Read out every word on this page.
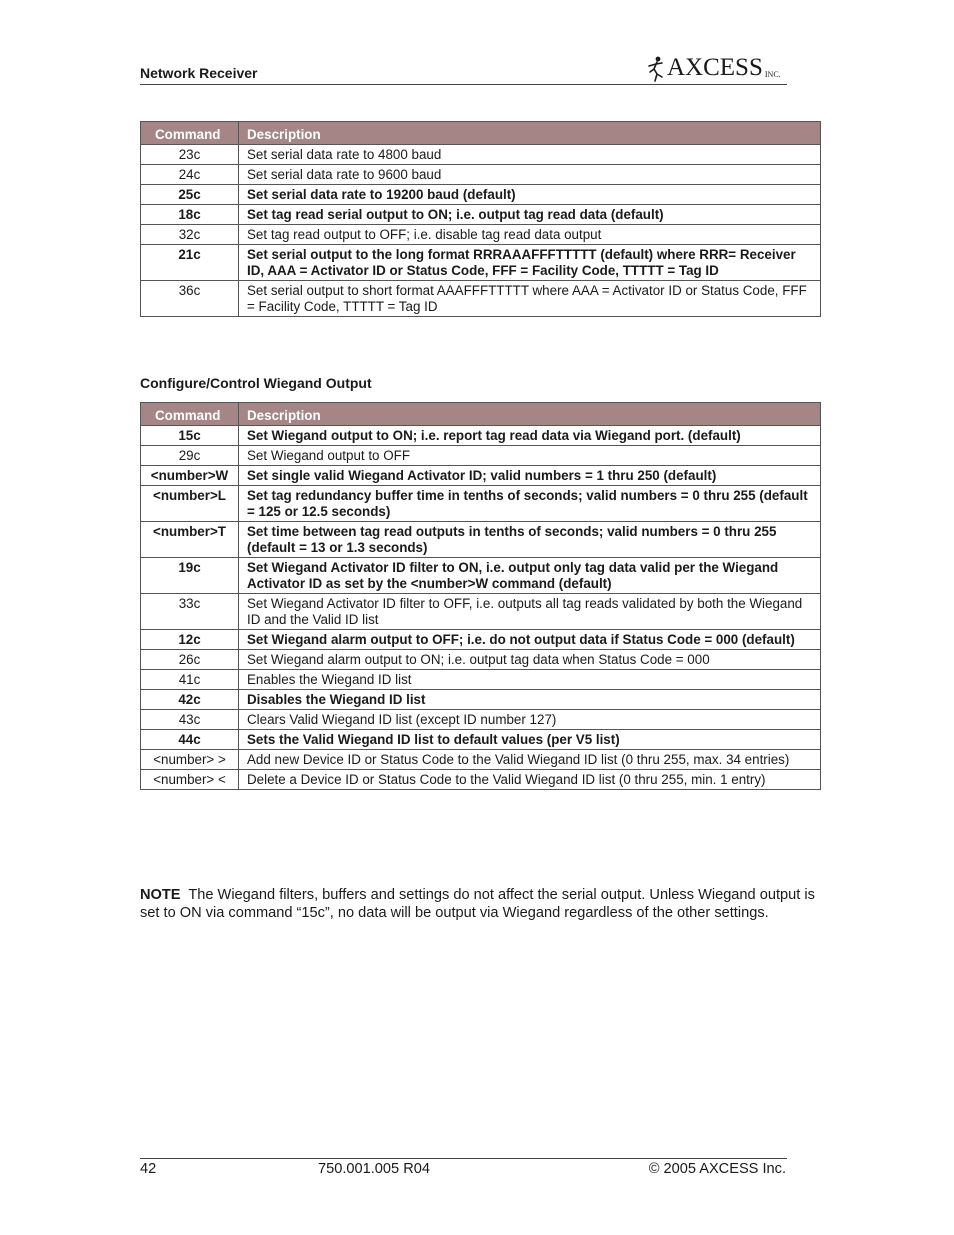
Network Receiver	AXCESS INC.
Command	Description
23c	Set serial data rate to 4800 baud
24c	Set serial data rate to 9600 baud
25c	Set serial data rate to 19200 baud (default)
18c	Set tag read serial output to ON; i.e. output tag read data (default)
32c	Set tag read output to OFF; i.e. disable tag read data output
21c	Set serial output to the long format RRRAAAFFFTTTTT (default) where RRR= Receiver ID, AAA = Activator ID or Status Code, FFF = Facility Code, TTTTT = Tag ID
36c	Set serial output to short format AAAFFFTTTTT where AAA = Activator ID or Status Code, FFF = Facility Code, TTTTT = Tag ID
Configure/Control Wiegand Output
Command	Description
15c	Set Wiegand output to ON; i.e. report tag read data via Wiegand port. (default)
29c	Set Wiegand output to OFF
<number>W	Set single valid Wiegand Activator ID; valid numbers = 1 thru 250 (default)
<number>L	Set tag redundancy buffer time in tenths of seconds; valid numbers = 0 thru 255 (default = 125 or 12.5 seconds)
<number>T	Set time between tag read outputs in tenths of seconds; valid numbers = 0 thru 255 (default = 13 or 1.3 seconds)
19c	Set Wiegand Activator ID filter to ON, i.e. output only tag data valid per the Wiegand Activator ID as set by the <number>W command (default)
33c	Set Wiegand Activator ID filter to OFF, i.e. outputs all tag reads validated by both the Wiegand ID and the Valid ID list
12c	Set Wiegand alarm output to OFF; i.e. do not output data if Status Code = 000 (default)
26c	Set Wiegand alarm output to ON; i.e. output tag data when Status Code = 000
41c	Enables the Wiegand ID list
42c	Disables the Wiegand ID list
43c	Clears Valid Wiegand ID list (except ID number 127)
44c	Sets the Valid Wiegand ID list to default values (per V5 list)
<number> >	Add new Device ID or Status Code to the Valid Wiegand ID list (0 thru 255, max. 34 entries)
<number> <	Delete a Device ID or Status Code to the Valid Wiegand ID list (0 thru 255, min. 1 entry)
NOTE The Wiegand filters, buffers and settings do not affect the serial output. Unless Wiegand output is set to ON via command “15c”, no data will be output via Wiegand regardless of the other settings.
42	750.001.005 R04	© 2005 AXCESS Inc.
